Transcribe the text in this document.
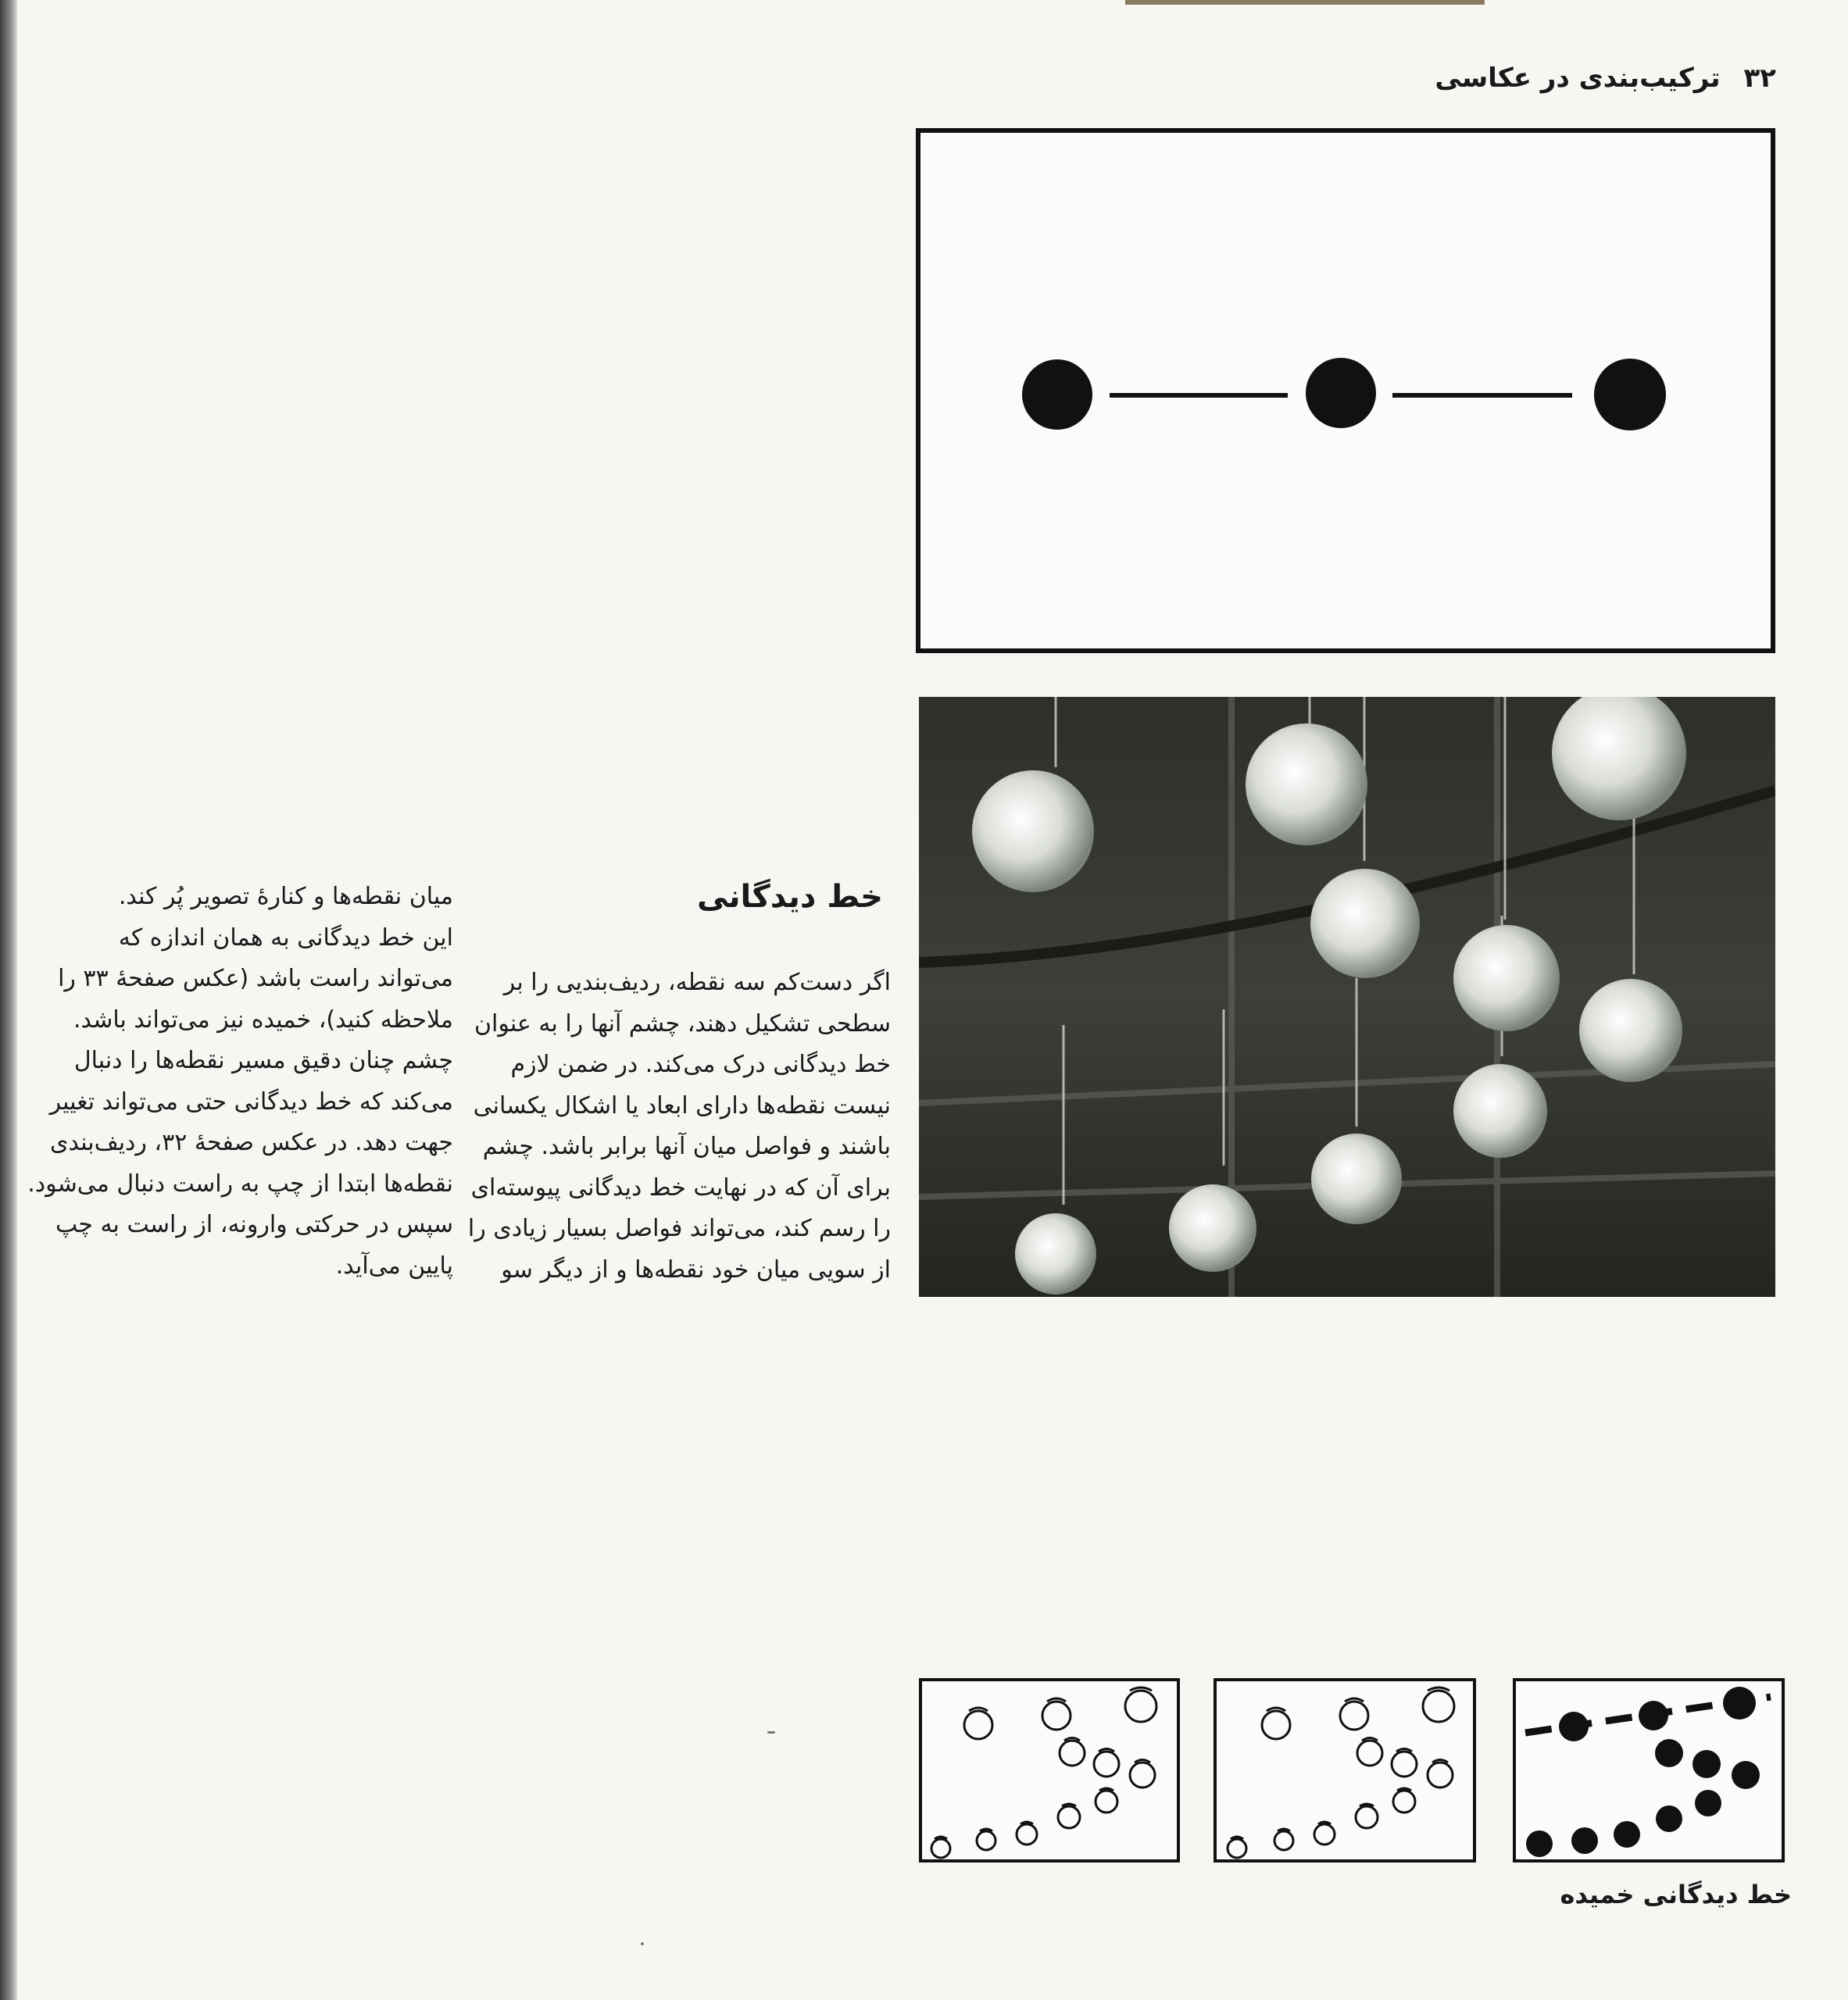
۳۲ ترکیب‌بندی در عکاسی
خط دیدگانی
اگر دست‌کم سه نقطه، ردیف‌بندیی را بر
سطحی تشکیل دهند، چشم آنها را به عنوان
خط دیدگانی درک می‌کند. در ضمن لازم
نیست نقطه‌ها دارای ابعاد یا اشکال یکسانی
باشند و فواصل میان آنها برابر باشد. چشم
برای آن که در نهایت خط دیدگانی پیوسته‌ای
را رسم کند، می‌تواند فواصل بسیار زیادی را
از سویی میان خود نقطه‌ها و از دیگر سو
میان نقطه‌ها و کنارهٔ تصویر پُر کند.
این خط دیدگانی به همان اندازه که
می‌تواند راست باشد (عکس صفحهٔ ۳۳ را
ملاحظه کنید)، خمیده نیز می‌تواند باشد.
چشم چنان دقیق مسیر نقطه‌ها را دنبال
می‌کند که خط دیدگانی حتی می‌تواند تغییر
جهت دهد. در عکس صفحهٔ ۳۲، ردیف‌بندی
نقطه‌ها ابتدا از چپ به راست دنبال می‌شود.
سپس در حرکتی وارونه، از راست به چپ
پایین می‌آید.
خط دیدگانی خمیده
